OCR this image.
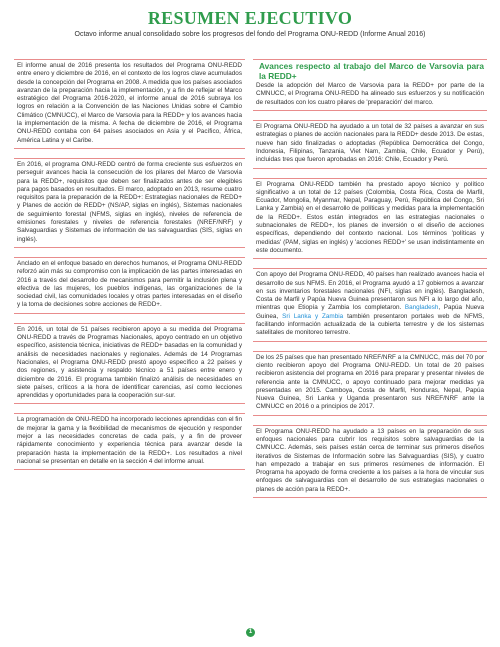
RESUMEN EJECUTIVO
Octavo informe anual consolidado sobre los progresos del fondo del Programa ONU-REDD (Informe Anual 2016)
El informe anual de 2016 presenta los resultados del Programa ONU-REDD entre enero y diciembre de 2016, en el contexto de los logros clave acumulados desde la concepción del Programa en 2008. A medida que los países asociados avanzan de la preparación hacia la implementación, y a fin de reflejar el Marco estratégico del Programa 2016-2020, el informe anual de 2016 subraya los logros en relación a la Convención de las Naciones Unidas sobre el Cambio Climático (CMNUCC), el Marco de Varsovia para la REDD+ y los avances hacia la implementación de la misma. A fecha de diciembre de 2016, el Programa ONU-REDD contaba con 64 países asociados en Asia y el Pacífico, África, América Latina y el Caribe.
En 2016, el programa ONU-REDD centró de forma creciente sus esfuerzos en perseguir avances hacia la consecución de los pilares del Marco de Varsovia para la REDD+, requisitos que deben ser finalizados antes de ser elegibles para pagos basados en resultados. El marco, adoptado en 2013, resume cuatro requisitos para la preparación de la REDD+: Estrategias nacionales de REDD+ y Planes de acción de REDD+ (NS/AP, siglas en inglés), Sistemas nacionales de seguimiento forestal (NFMS, siglas en inglés), niveles de referencia de emisiones forestales y niveles de referencia forestales (NREF/NRF) y Salvaguardias y Sistemas de información de las salvaguardias (SIS, siglas en inglés).
Anclado en el enfoque basado en derechos humanos, el Programa ONU-REDD reforzó aún más su compromiso con la implicación de las partes interesadas en 2016 a través del desarrollo de mecanismos para permitir la inclusión plena y efectiva de las mujeres, los pueblos indígenas, las organizaciones de la sociedad civil, las comunidades locales y otras partes interesadas en el diseño y la toma de decisiones sobre acciones de REDD+.
En 2016, un total de 51 países recibieron apoyo a su medida del Programa ONU-REDD a través de Programas Nacionales, apoyo centrado en un objetivo específico, asistencia técnica, iniciativas de REDD+ basadas en la comunidad y análisis de necesidades nacionales y regionales. Además de 14 Programas Nacionales, el Programa ONU-REDD prestó apoyo específico a 22 países y dos regiones, y asistencia y respaldo técnico a 51 países entre enero y diciembre de 2016. El programa también finalizó análisis de necesidades en siete países, críticos a la hora de identificar carencias, así como lecciones aprendidas y oportunidades para la cooperación sur-sur.
La programación de ONU-REDD ha incorporado lecciones aprendidas con el fin de mejorar la gama y la flexibilidad de mecanismos de ejecución y responder mejor a las necesidades concretas de cada país, y a fin de proveer rápidamente conocimiento y experiencia técnica para avanzar desde la preparación hasta la implementación de la REDD+. Los resultados a nivel nacional se presentan en detalle en la sección 4 del informe anual.
Avances respecto al trabajo del Marco de Varsovia para la REDD+
Desde la adopción del Marco de Varsovia para la REDD+ por parte de la CMNUCC, el Programa ONU-REDD ha alineado sus esfuerzos y su notificación de resultados con los cuatro pilares de 'preparación' del marco.
El Programa ONU-REDD ha ayudado a un total de 32 países a avanzar en sus estrategias o planes de acción nacionales para la REDD+ desde 2013. De estas, nueve han sido finalizadas o adoptadas (República Democrática del Congo, Indonesia, Filipinas, Tanzania, Viet Nam, Zambia, Chile, Ecuador y Perú), incluidas tres que fueron aprobadas en 2016: Chile, Ecuador y Perú.
El Programa ONU-REDD también ha prestado apoyo técnico y político significativo a un total de 12 países (Colombia, Costa Rica, Costa de Marfil, Ecuador, Mongolia, Myanmar, Nepal, Paraguay, Perú, República del Congo, Sri Lanka y Zambia) en el desarrollo de políticas y medidas para la implementación de la REDD+. Estos están integrados en las estrategias nacionales o subnacionales de REDD+, los planes de inversión o el diseño de acciones específicas, dependiendo del contexto nacional. Los términos 'políticas y medidas' (PAM, siglas en inglés) y 'acciones REDD+' se usan indistintamente en este documento.
Con apoyo del Programa ONU-REDD, 40 países han realizado avances hacia el desarrollo de sus NFMS. En 2016, el Programa ayudó a 17 gobiernos a avanzar en sus inventarios forestales nacionales (NFI, siglas en inglés). Bangladesh, Costa de Marfil y Papúa Nueva Guinea presentaron sus NFI a lo largo del año, mientras que Etiopía y Zambia los completaron. Bangladesh, Papúa Nueva Guinea, Sri Lanka y Zambia también presentaron portales web de NFMS, facilitando información actualizada de la cubierta terrestre y de los sistemas satelitales de monitoreo terrestre.
De los 25 países que han presentado NREF/NRF a la CMNUCC, más del 70 por ciento recibieron apoyo del Programa ONU-REDD. Un total de 20 países recibieron asistencia del programa en 2016 para preparar y presentar niveles de referencia ante la CMNUCC, o apoyo continuado para mejorar medidas ya presentadas en 2015. Camboya, Costa de Marfil, Honduras, Nepal, Papúa Nueva Guinea, Sri Lanka y Uganda presentaron sus NREF/NRF ante la CMNUCC en 2016 o a principios de 2017.
El Programa ONU-REDD ha ayudado a 13 países en la preparación de sus enfoques nacionales para cubrir los requisitos sobre salvaguardias de la CMNUCC. Además, seis países están cerca de terminar sus primeros diseños iterativos de Sistemas de Información sobre las Salvaguardias (SIS), y cuatro han empezado a trabajar en sus primeros resúmenes de información. El Programa ha apoyado de forma creciente a los países a la hora de vincular sus enfoques de salvaguardias con el desarrollo de sus estrategias nacionales o planes de acción para la REDD+.
1
